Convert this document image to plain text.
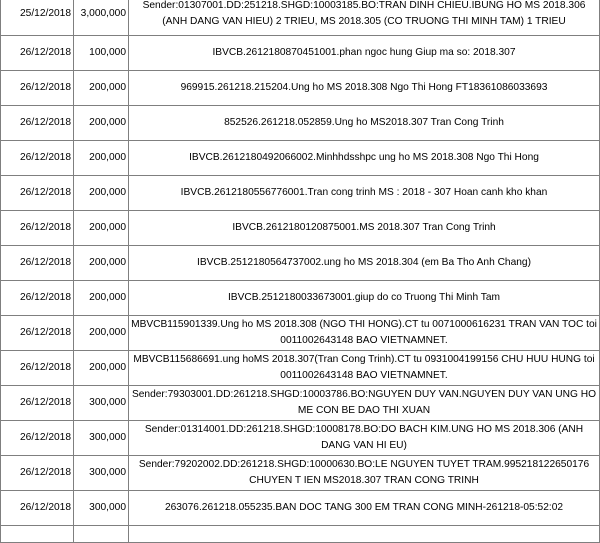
25/12/2018	3,000,000	Sender:01307001.DD:251218.SHGD:10003185.BO:TRAN DINH CHIEU.IBUNG HO MS 2018.306 (ANH DANG VAN HIEU) 2 TRIEU, MS 2018.305 (CO TRUONG THI MINH TAM) 1 TRIEU
26/12/2018	100,000	IBVCB.2612180870451001.phan ngoc hung Giup ma so: 2018.307
26/12/2018	200,000	969915.261218.215204.Ung ho MS 2018.308 Ngo Thi Hong FT18361086033693
26/12/2018	200,000	852526.261218.052859.Ung ho MS2018.307 Tran Cong Trinh
26/12/2018	200,000	IBVCB.2612180492066002.Minhhdsshpc ung ho MS 2018.308 Ngo Thi Hong
26/12/2018	200,000	IBVCB.2612180556776001.Tran cong trinh MS : 2018 - 307 Hoan canh kho khan
26/12/2018	200,000	IBVCB.2612180120875001.MS 2018.307 Tran Cong Trinh
26/12/2018	200,000	IBVCB.2512180564737002.ung ho MS 2018.304 (em Ba Tho Anh Chang)
26/12/2018	200,000	IBVCB.2512180033673001.giup do co Truong Thi Minh Tam
26/12/2018	200,000	MBVCB115901339.Ung ho MS 2018.308 (NGO THI HONG).CT tu 0071000616231 TRAN VAN TOC toi 0011002643148 BAO VIETNAMNET.
26/12/2018	200,000	MBVCB115686691.ung hoMS 2018.307(Tran Cong Trinh).CT tu 0931004199156 CHU HUU HUNG toi 0011002643148 BAO VIETNAMNET.
26/12/2018	300,000	Sender:79303001.DD:261218.SHGD:10003786.BO:NGUYEN DUY VAN.NGUYEN DUY VAN UNG HO ME CON BE DAO THI XUAN
26/12/2018	300,000	Sender:01314001.DD:261218.SHGD:10008178.BO:DO BACH KIM.UNG HO MS 2018.306 (ANH DANG VAN HI EU)
26/12/2018	300,000	Sender:79202002.DD:261218.SHGD:10000630.BO:LE NGUYEN TUYET TRAM.995218122650176 CHUYEN T IEN MS2018.307 TRAN CONG TRINH
26/12/2018	300,000	263076.261218.055235.BAN DOC TANG 300 EM TRAN CONG MINH-261218-05:52:02
